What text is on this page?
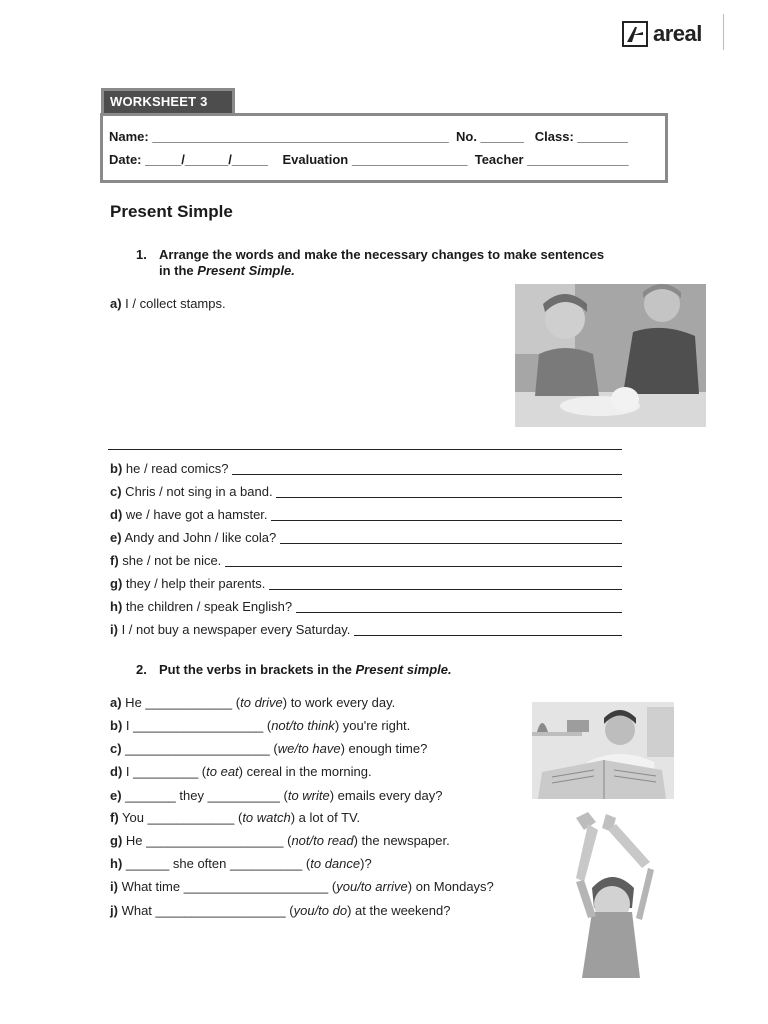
areal
WORKSHEET 3
Name: _________________________________________  No. ______   Class: _______
Date: _____/______/_____    Evaluation ________________  Teacher ______________
Present Simple
1. Arrange the words and make the necessary changes to make sentences
in the Present Simple.
a) I / collect stamps.
b) he / read comics?
c) Chris / not sing in a band.
d) we / have got a hamster.
e) Andy and John / like cola?
f) she / not be nice.
g) they / help their parents.
h) the children / speak English?
i) I / not buy a newspaper every Saturday.
2. Put the verbs in brackets in the Present simple.
a) He ____________ (to drive) to work every day.
b) I __________________ (not/to think) you're right.
c) ____________________ (we/to have) enough time?
d) I _________ (to eat) cereal in the morning.
e) _______ they __________ (to write) emails every day?
f) You ____________ (to watch) a lot of TV.
g) He ___________________ (not/to read) the newspaper.
h) ______ she often __________ (to dance)?
i) What time ____________________ (you/to arrive) on Mondays?
j) What __________________ (you/to do) at the weekend?
